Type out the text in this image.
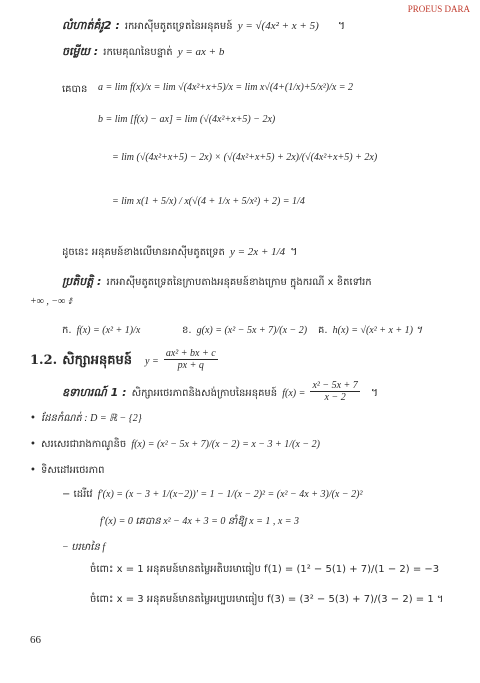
PROEUS DARA
លំហាត់គំរូ2 : រកអាស៊ីមតូតទ្រេតនៃអនុគមន៍ y = √(4x² + x + 5) ។
ចម្លើយ : រកមេគុណនៃបន្ទាត់ y = ax + b
គេបាន a = lim f(x)/x = lim √(4x²+x+5)/x = lim x√(4+(1/x)+5/x²)/x = 2
b = lim [f(x) − ax] = lim (√(4x²+x+5) − 2x)
= lim (√(4x²+x+5) − 2x) × (√(4x²+x+5) + 2x)/(√(4x²+x+5) + 2x)
= lim x(1 + 5/x) / x(√(4 + 1/x + 5/x²) + 2) = 1/4
ដូចនេះ អនុគមន៍ខាងលើមានអាស៊ីមតូតទ្រេត y = 2x + 1/4 ។
ប្រតិបត្តិ : រកអាស៊ីមតូតទ្រេតនៃក្រាបតាងអនុគមន៍ខាងក្រោម ក្នុងករណី x ខិតទៅរក
+∞ , −∞ ៖
ក. f(x) = (x² + 1)/x	ខ. g(x) = (x² − 5x + 7)/(x − 2) គ. h(x) = √(x² + x + 1) ។
1.2. សិក្សាអនុគមន៍ $y = \frac{\text{ax² + bx + c}}{px + q}$
ឧទាហរណ៍ 1 : សិក្សាអថេរភាពនិងសង់ក្រាបនៃអនុគមន៍ $f(x) = \frac{\text{x² − 5x + 7}}{x - 2}$ ។
• ដែនកំណត់ : D = ℝ − {2}
• សរសេរជារាងកាណូនិច f(x) = (x² − 5x + 7)/(x − 2) = x − 3 + 1/(x − 2)
• ទិសដៅអថេរភាព
− ដេរីវេ f′(x) = (x − 3 + 1/(x−2))′ = 1 − 1/(x − 2)² = (x² − 4x + 3)/(x − 2)²
f′(x) = 0 គេបាន x² − 4x + 3 = 0 នាំឱ្យ x = 1 , x = 3
− បរមានៃ f
ចំពោះ x = 1 អនុគមន៍មានតម្លៃអតិបរមាធៀប f(1) = (1² − 5(1) + 7)/(1 − 2) = −3
ចំពោះ x = 3 អនុគមន៍មានតម្លៃអប្បបរមាធៀប f(3) = (3² − 5(3) + 7)/(3 − 2) = 1 ។
66
